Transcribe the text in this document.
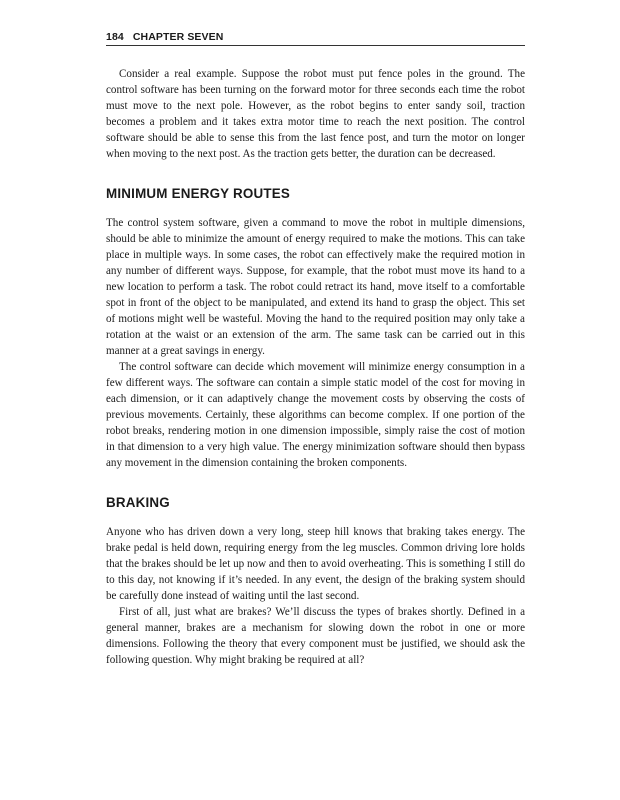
184 CHAPTER SEVEN

Consider a real example. Suppose the robot must put fence poles in the ground. The control software has been turning on the forward motor for three seconds each time the robot must move to the next pole. However, as the robot begins to enter sandy soil, traction becomes a problem and it takes extra motor time to reach the next position. The control software should be able to sense this from the last fence post, and turn the motor on longer when moving to the next post. As the traction gets better, the duration can be decreased.

MINIMUM ENERGY ROUTES

The control system software, given a command to move the robot in multiple dimensions, should be able to minimize the amount of energy required to make the motions. This can take place in multiple ways. In some cases, the robot can effectively make the required motion in any number of different ways. Suppose, for example, that the robot must move its hand to a new location to perform a task. The robot could retract its hand, move itself to a comfortable spot in front of the object to be manipulated, and extend its hand to grasp the object. This set of motions might well be wasteful. Moving the hand to the required position may only take a rotation at the waist or an extension of the arm. The same task can be carried out in this manner at a great savings in energy.

The control software can decide which movement will minimize energy consumption in a few different ways. The software can contain a simple static model of the cost for moving in each dimension, or it can adaptively change the movement costs by observing the costs of previous movements. Certainly, these algorithms can become complex. If one portion of the robot breaks, rendering motion in one dimension impossible, simply raise the cost of motion in that dimension to a very high value. The energy minimization software should then bypass any movement in the dimension containing the broken components.

BRAKING

Anyone who has driven down a very long, steep hill knows that braking takes energy. The brake pedal is held down, requiring energy from the leg muscles. Common driving lore holds that the brakes should be let up now and then to avoid overheating. This is something I still do to this day, not knowing if it’s needed. In any event, the design of the braking system should be carefully done instead of waiting until the last second.

First of all, just what are brakes? We’ll discuss the types of brakes shortly. Defined in a general manner, brakes are a mechanism for slowing down the robot in one or more dimensions. Following the theory that every component must be justified, we should ask the following question. Why might braking be required at all?
